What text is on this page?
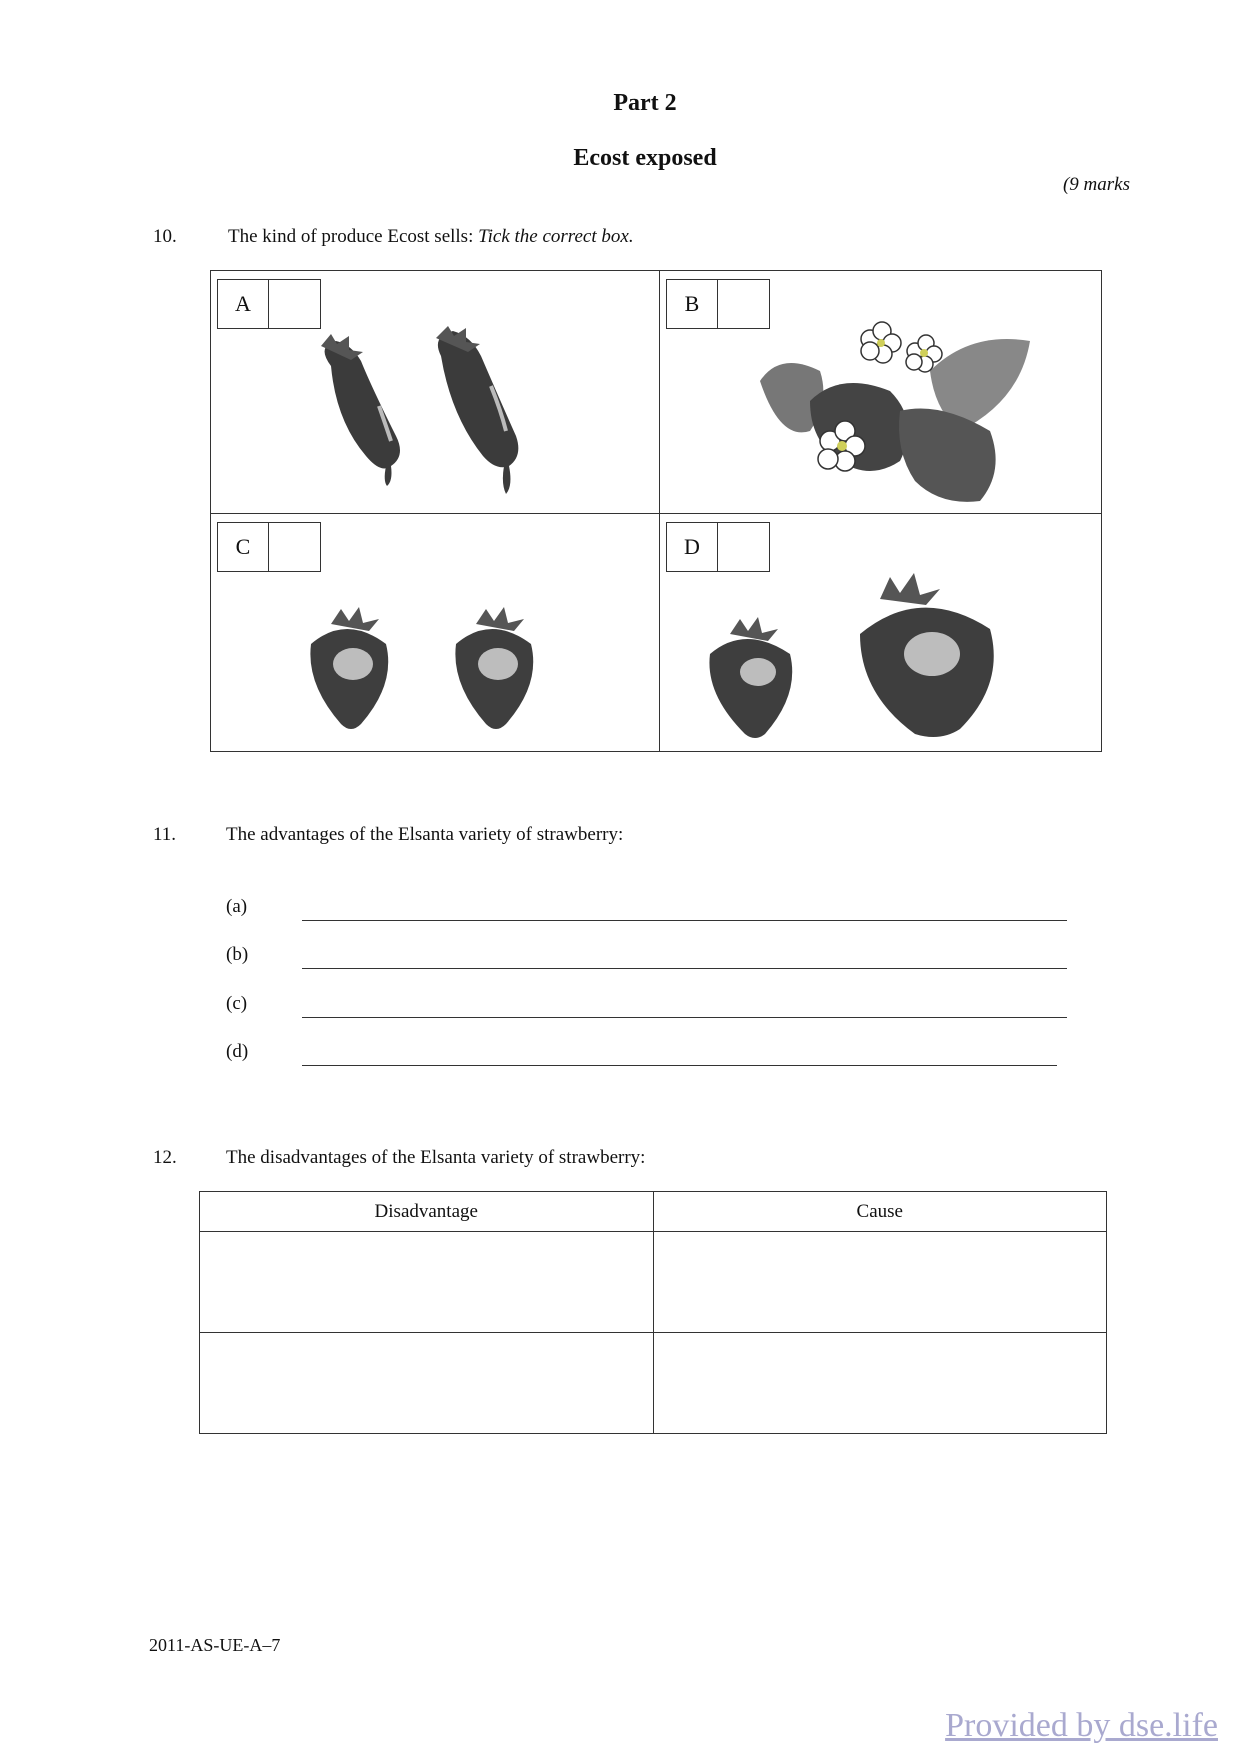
Part 2
Ecost exposed
(9 marks
10.	The kind of produce Ecost sells: Tick the correct box.
A	B
C	D
11.	The advantages of the Elsanta variety of strawberry:
(a)
(b)
(c)
(d)
12.	The disadvantages of the Elsanta variety of strawberry:
Disadvantage	Cause

2011-AS-UE-A–7
Provided by dse.life
